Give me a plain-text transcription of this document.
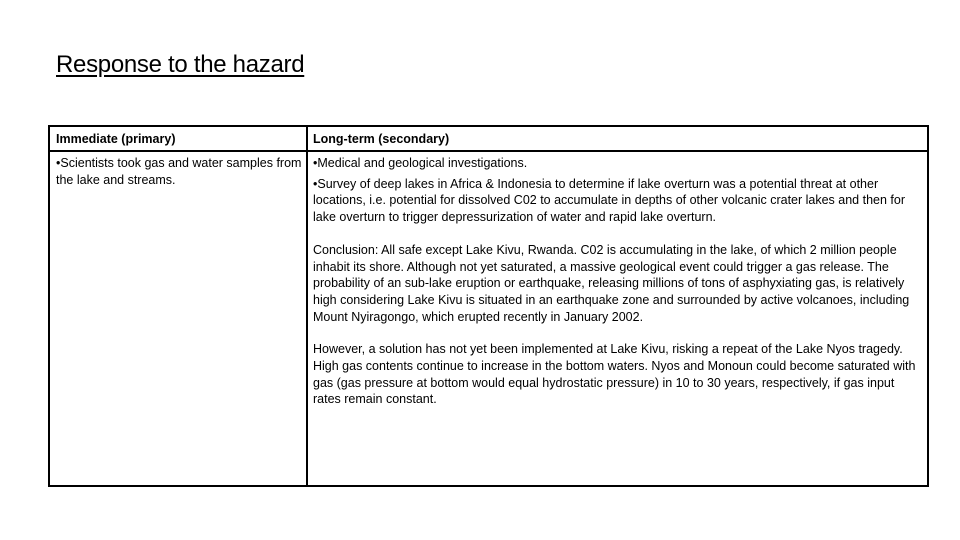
Response to the hazard
Immediate (primary)	Long-term (secondary)
•Scientists took gas and water samples from the lake and streams.

•Medical and geological investigations.

•Survey of deep lakes in Africa & Indonesia to determine if lake overturn was a potential threat at other locations, i.e. potential for dissolved C02 to accumulate in depths of other volcanic crater lakes and then for lake overturn to trigger depressurization of water and rapid lake overturn.

Conclusion: All safe except Lake Kivu, Rwanda. C02 is accumulating in the lake, of which 2 million people inhabit its shore. Although not yet saturated, a massive geological event could trigger a gas release. The probability of an sub-lake eruption or earthquake, releasing millions of tons of asphyxiating gas, is relatively high considering Lake Kivu is situated in an earthquake zone and surrounded by active volcanoes, including Mount Nyiragongo, which erupted recently in January 2002.

However, a solution has not yet been implemented at Lake Kivu, risking a repeat of the Lake Nyos tragedy. High gas contents continue to increase in the bottom waters. Nyos and Monoun could become saturated with gas (gas pressure at bottom would equal hydrostatic pressure) in 10 to 30 years, respectively, if gas input rates remain constant.
